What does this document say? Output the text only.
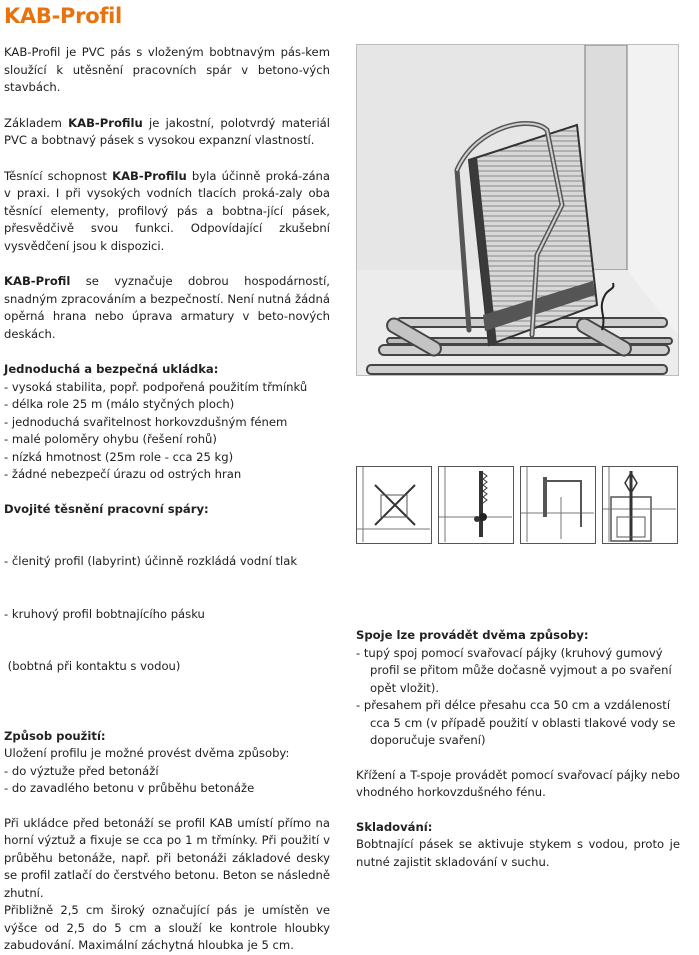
KAB-Profil

KAB-Profil je PVC pás s vloženým bobtnavým pás-kem sloužící k utěsnění pracovních spár v betono-vých stavbách.

Základem KAB-Profilu je jakostní, polotvrdý materiál PVC a bobtnavý pásek s vysokou expanzní vlastností.

Těsnící schopnost KAB-Profilu byla účinně proká-zána v praxi. I při vysokých vodních tlacích proká-zaly oba těsnící elementy, profilový pás a bobtna-jící pásek, přesvědčivě svou funkci. Odpovídající zkušební vysvědčení jsou k dispozici.

KAB-Profil se vyznačuje dobrou hospodárností, snadným zpracováním a bezpečností. Není nutná žádná opěrná hrana nebo úprava armatury v beto-nových deskách.

Jednoduchá a bezpečná ukládka:

- vysoká stabilita, popř. podpořená použitím třmínků
- délka role 25 m (málo styčných ploch)
- jednoduchá svařitelnost horkovzdušným fénem
- malé poloměry ohybu (řešení rohů)
- nízká hmotnost (25m role - cca 25 kg)
- žádné nebezpečí úrazu od ostrých hran

Dvojité těsnění pracovní spáry:

- členitý profil (labyrint) účinně rozkládá vodní tlak

- kruhový profil bobtnajícího pásku

(bobtná při kontaktu s vodou)

Způsob použití:

Uložení profilu je možné provést dvěma způsoby:

- do výztuže před betonáží
- do zavadlého betonu v průběhu betonáže

Při ukládce před betonáží se profil KAB umístí přímo na horní výztuž a fixuje se cca po 1 m třmínky. Při použití v průběhu betonáže, např. při betonáži základové desky se profil zatlačí do čerstvého betonu. Beton se následně zhutní.

Přibližně 2,5 cm široký označující pás je umístěn ve výšce od 2,5 do 5 cm a slouží ke kontrole hloubky zabudování. Maximální záchytná hloubka je 5 cm.

Spoje lze provádět dvěma způsoby:

- tupý spoj pomocí svařovací pájky (kruhový gumový profil se přitom může dočasně vyjmout a po svaření opět vložit).
- přesahem při délce přesahu cca 50 cm a vzdáleností cca 5 cm (v případě použití v oblasti tlakové vody se doporučuje svaření)

Křížení a T-spoje provádět pomocí svařovací pájky nebo vhodného horkovzdušného fénu.

Skladování:

Bobtnající pásek se aktivuje stykem s vodou, proto je nutné zajistit skladování v suchu.
